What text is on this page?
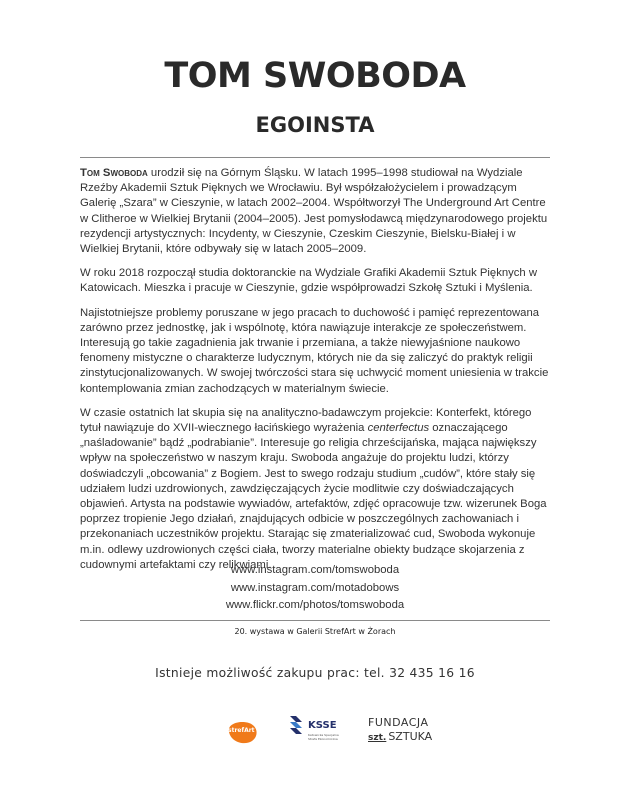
TOM SWOBODA
EGOINSTA

Tom Swoboda urodził się na Górnym Śląsku. W latach 1995–1998 studiował na Wydziale Rzeźby Akademii Sztuk Pięknych we Wrocławiu. Był współzałożycielem i prowadzącym Galerię „Szara” w Cieszynie, w latach 2002–2004. Współtworzył The Underground Art Centre w Clitheroe w Wielkiej Brytanii (2004–2005). Jest pomysłodawcą międzynarodowego projektu rezydencji artystycznych: Incydenty, w Cieszynie, Czeskim Cieszynie, Bielsku-Białej i w Wielkiej Brytanii, które odbywały się w latach 2005–2009.

W roku 2018 rozpoczął studia doktoranckie na Wydziale Grafiki Akademii Sztuk Pięknych w Katowicach. Mieszka i pracuje w Cieszynie, gdzie współprowadzi Szkołę Sztuki i Myślenia.

Najistotniejsze problemy poruszane w jego pracach to duchowość i pamięć reprezentowana zarówno przez jednostkę, jak i wspólnotę, która nawiązuje interakcje ze społeczeństwem. Interesują go takie zagadnienia jak trwanie i przemiana, a także niewyjaśnione naukowo fenomeny mistyczne o charakterze ludycznym, których nie da się zaliczyć do praktyk religii zinstytucjonalizowanych. W swojej twórczości stara się uchwycić moment uniesienia w trakcie kontemplowania zmian zachodzących w materialnym świecie.

W czasie ostatnich lat skupia się na analityczno-badawczym projekcie: Konterfekt, którego tytuł nawiązuje do XVII-wiecznego łacińskiego wyrażenia centerfectus oznaczającego „naśladowanie” bądź „podrabianie”. Interesuje go religia chrześcijańska, mająca największy wpływ na społeczeństwo w naszym kraju. Swoboda angażuje do projektu ludzi, którzy doświadczyli „obcowania” z Bogiem. Jest to swego rodzaju studium „cudów”, które stały się udziałem ludzi uzdrowionych, zawdzięczających życie modlitwie czy doświadczających objawień. Artysta na podstawie wywiadów, artefaktów, zdjęć opracowuje tzw. wizerunek Boga poprzez tropienie Jego działań, znajdujących odbicie w poszczególnych zachowaniach i przekonaniach uczestników projektu. Starając się zmaterializować cud, Swoboda wykonuje m.in. odlewy uzdrowionych części ciała, tworzy materialne obiekty budzące skojarzenia z cudownymi artefaktami czy relikwiami.

www.instagram.com/tomswoboda
www.instagram.com/motadobows
www.flickr.com/photos/tomswoboda
20. wystawa w Galerii StrefArt w Żorach
Istnieje możliwość zakupu prac: tel. 32 435 16 16
strefArt	KSSE
Katowicka Specjalna Strefa Ekonomiczna
FUNDACJA
szt. SZTUKA
